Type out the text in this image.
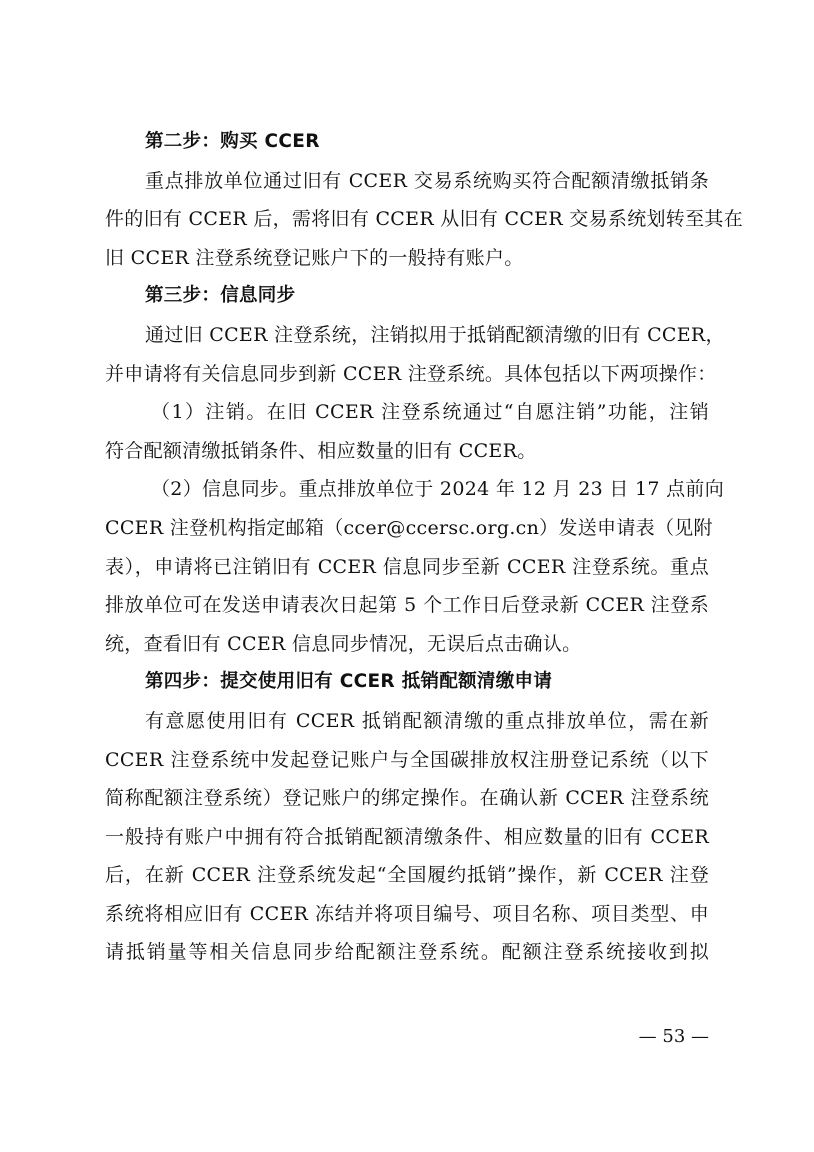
第二步：购买 CCER
重点排放单位通过旧有 CCER 交易系统购买符合配额清缴抵销条
件的旧有 CCER 后，需将旧有 CCER 从旧有 CCER 交易系统划转至其在
旧 CCER 注登系统登记账户下的一般持有账户。
第三步：信息同步
通过旧 CCER 注登系统，注销拟用于抵销配额清缴的旧有 CCER，
并申请将有关信息同步到新 CCER 注登系统。具体包括以下两项操作：
（1）注销。在旧 CCER 注登系统通过“自愿注销”功能，注销
符合配额清缴抵销条件、相应数量的旧有 CCER。
（2）信息同步。重点排放单位于 2024 年 12 月 23 日 17 点前向
CCER 注登机构指定邮箱（ccer@ccersc.org.cn）发送申请表（见附
表），申请将已注销旧有 CCER 信息同步至新 CCER 注登系统。重点
排放单位可在发送申请表次日起第 5 个工作日后登录新 CCER 注登系
统，查看旧有 CCER 信息同步情况，无误后点击确认。
第四步：提交使用旧有 CCER 抵销配额清缴申请
有意愿使用旧有 CCER 抵销配额清缴的重点排放单位，需在新
CCER 注登系统中发起登记账户与全国碳排放权注册登记系统（以下
简称配额注登系统）登记账户的绑定操作。在确认新 CCER 注登系统
一般持有账户中拥有符合抵销配额清缴条件、相应数量的旧有 CCER
后，在新 CCER 注登系统发起“全国履约抵销”操作，新 CCER 注登
系统将相应旧有 CCER 冻结并将项目编号、项目名称、项目类型、申
请抵销量等相关信息同步给配额注登系统。配额注登系统接收到拟
— 53 —
